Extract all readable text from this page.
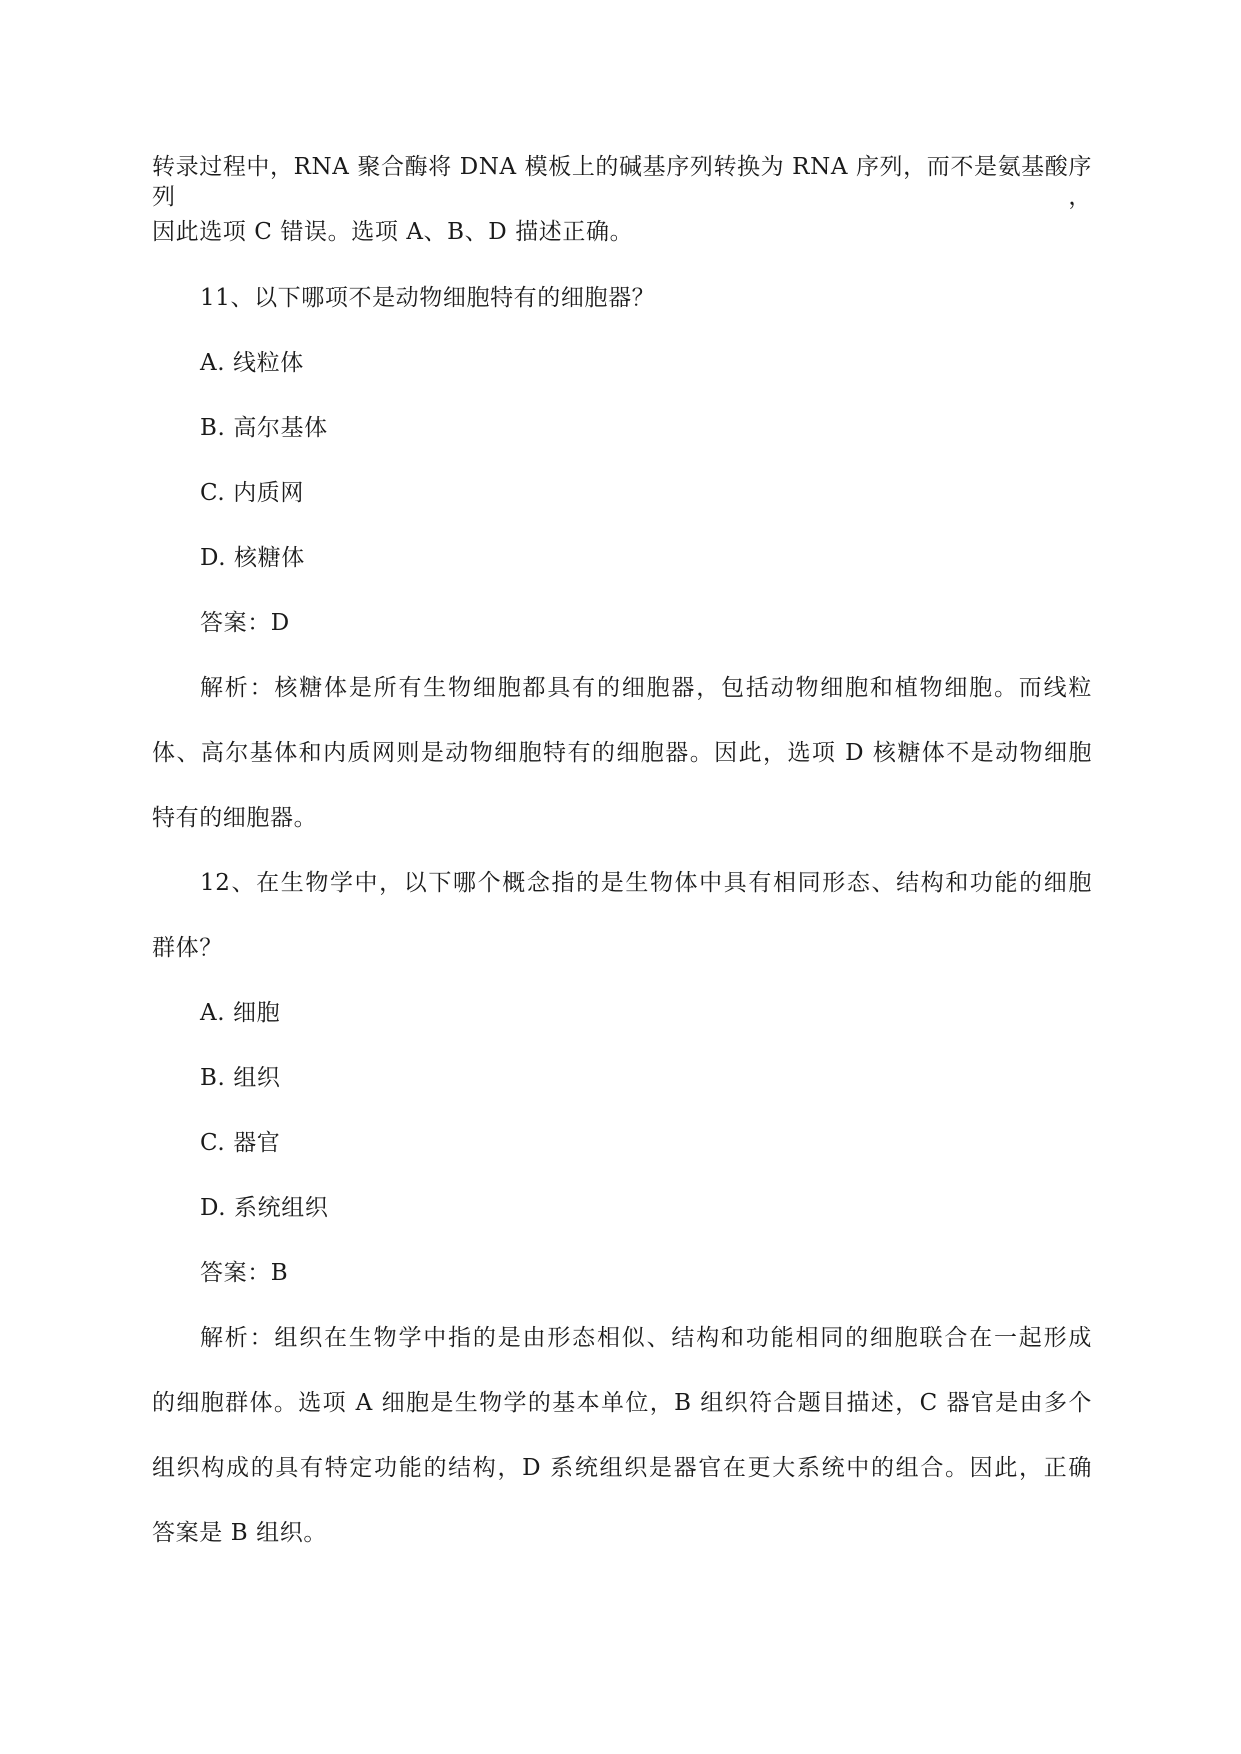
转录过程中，RNA 聚合酶将 DNA 模板上的碱基序列转换为 RNA 序列，而不是氨基酸序列，
因此选项 C 错误。选项 A、B、D 描述正确。
11、以下哪项不是动物细胞特有的细胞器？
A. 线粒体
B. 高尔基体
C. 内质网
D. 核糖体
答案：D
解析：核糖体是所有生物细胞都具有的细胞器，包括动物细胞和植物细胞。而线粒
体、高尔基体和内质网则是动物细胞特有的细胞器。因此，选项 D 核糖体不是动物细胞
特有的细胞器。
12、在生物学中，以下哪个概念指的是生物体中具有相同形态、结构和功能的细胞
群体？
A. 细胞
B. 组织
C. 器官
D. 系统组织
答案：B
解析：组织在生物学中指的是由形态相似、结构和功能相同的细胞联合在一起形成
的细胞群体。选项 A 细胞是生物学的基本单位，B 组织符合题目描述，C 器官是由多个
组织构成的具有特定功能的结构，D 系统组织是器官在更大系统中的组合。因此，正确
答案是 B 组织。
